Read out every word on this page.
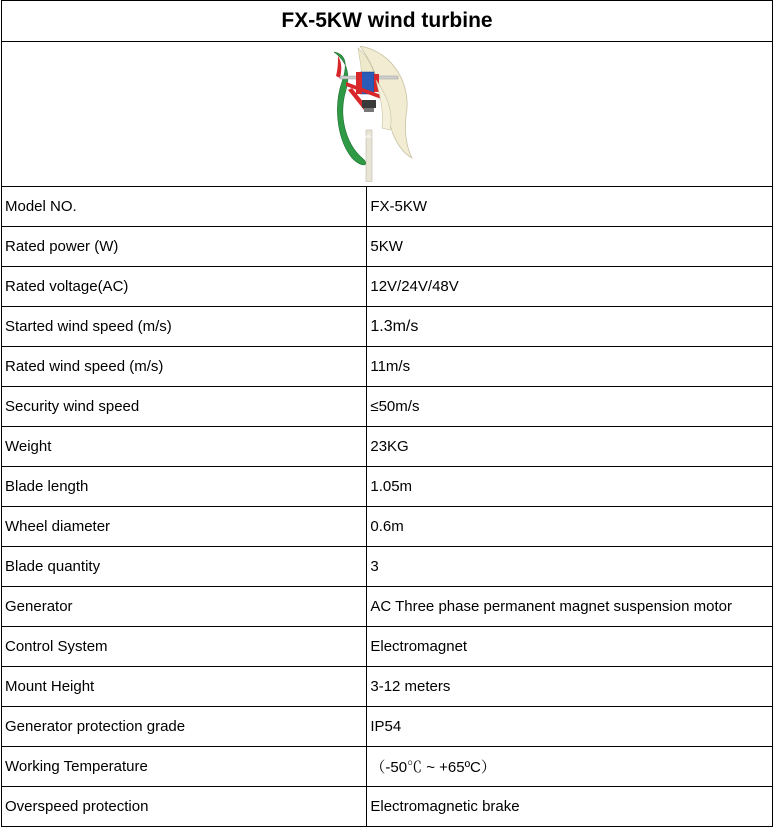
FX-5KW wind turbine	

TOP POWER	

Model NO.	FX-5KW
Rated power (W)	5KW
Rated voltage(AC)	12V/24V/48V
Started wind speed (m/s)	1.3m/s
Rated wind speed (m/s)	11m/s
Security wind speed	≤50m/s
Weight	23KG
Blade length	1.05m
Wheel diameter	0.6m
Blade quantity	3
Generator	AC Three phase permanent magnet suspension motor
Control System	Electromagnet
Mount Height	3-12 meters
Generator protection grade	IP54
Working Temperature	（-50℃ ~ +65ºC）
Overspeed protection	Electromagnetic brake
